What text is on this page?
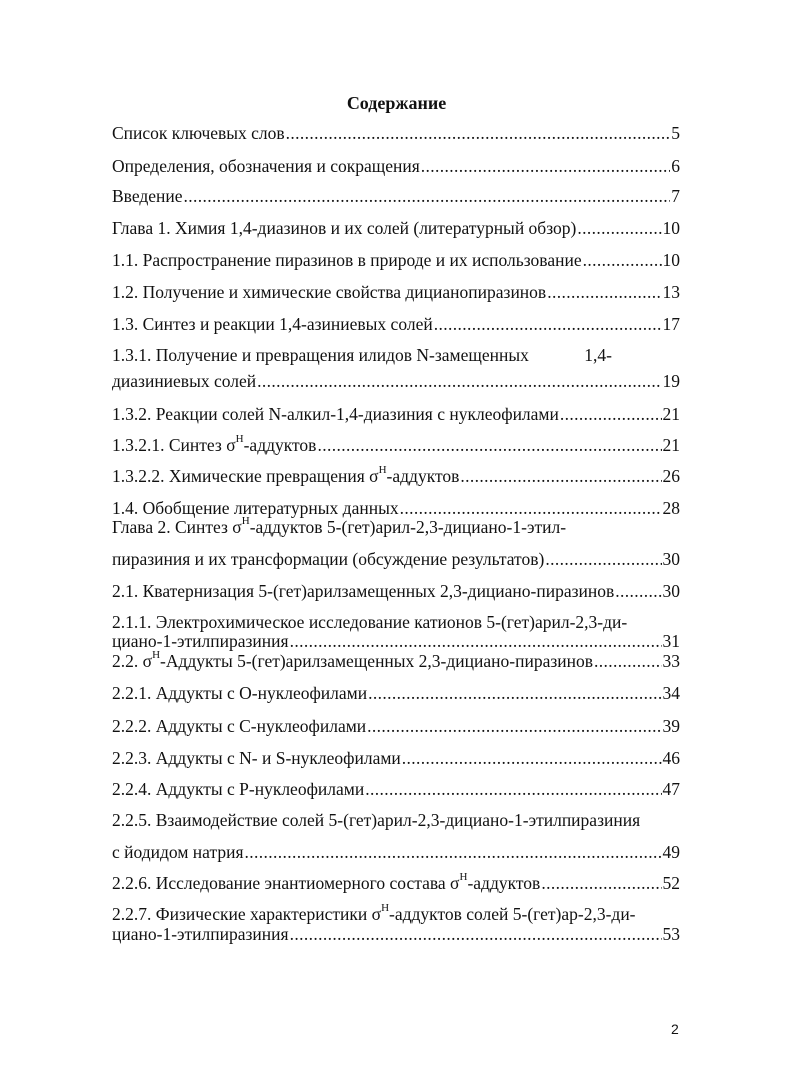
Содержание
Список ключевых слов . . .	5
Определения, обозначения и сокращения . . .	6
Введение . . .	7
Глава 1. Химия 1,4-диазинов и их солей (литературный обзор) . . .	10
1.1. Распространение пиразинов в природе и их использование . . .	10
1.2. Получение и химические свойства дицианопиразинов . . .	13
1.3. Синтез и реакции 1,4-азиниевых солей . . .	17
1.3.1. Получение и превращения илидов N-замещенных	1,4-
диазиниевых солей . . .	19
1.3.2. Реакции солей N-алкил-1,4-диазиния с нуклеофилами . . .	21
1.3.2.1. Синтез $\sigma^H$-аддуктов . . .	21
1.3.2.2. Химические превращения $\sigma^H$-аддуктов . . .	26
1.4. Обобщение литературных данных . . .	28
Глава 2. Синтез $\sigma^H$-аддуктов 5-(гет)арил-2,3-дициано-1-этил-
пиразиния и их трансформации (обсуждение результатов) . . .	30
2.1. Кватернизация 5-(гет)арилзамещенных 2,3-дициано-пиразинов . . .	30
2.1.1. Электрохимическое исследование катионов 5-(гет)арил-2,3-ди-
циано-1-этилпиразиния . . .	31
2.2. $\sigma^H$-Аддукты 5-(гет)арилзамещенных 2,3-дициано-пиразинов . . .	33
2.2.1. Аддукты с О-нуклеофилами . . .	34
2.2.2. Аддукты с С-нуклеофилами . . .	39
2.2.3. Аддукты с N- и S-нуклеофилами . . .	46
2.2.4. Аддукты с Р-нуклеофилами . . .	47
2.2.5. Взаимодействие солей 5-(гет)арил-2,3-дициано-1-этилпиразиния
с йодидом натрия . . .	49
2.2.6. Исследование энантиомерного состава $\sigma^H$-аддуктов . . .	52
2.2.7. Физические характеристики $\sigma^H$-аддуктов солей 5-(гет)ар-2,3-ди-
циано-1-этилпиразиния . . .	53
2
